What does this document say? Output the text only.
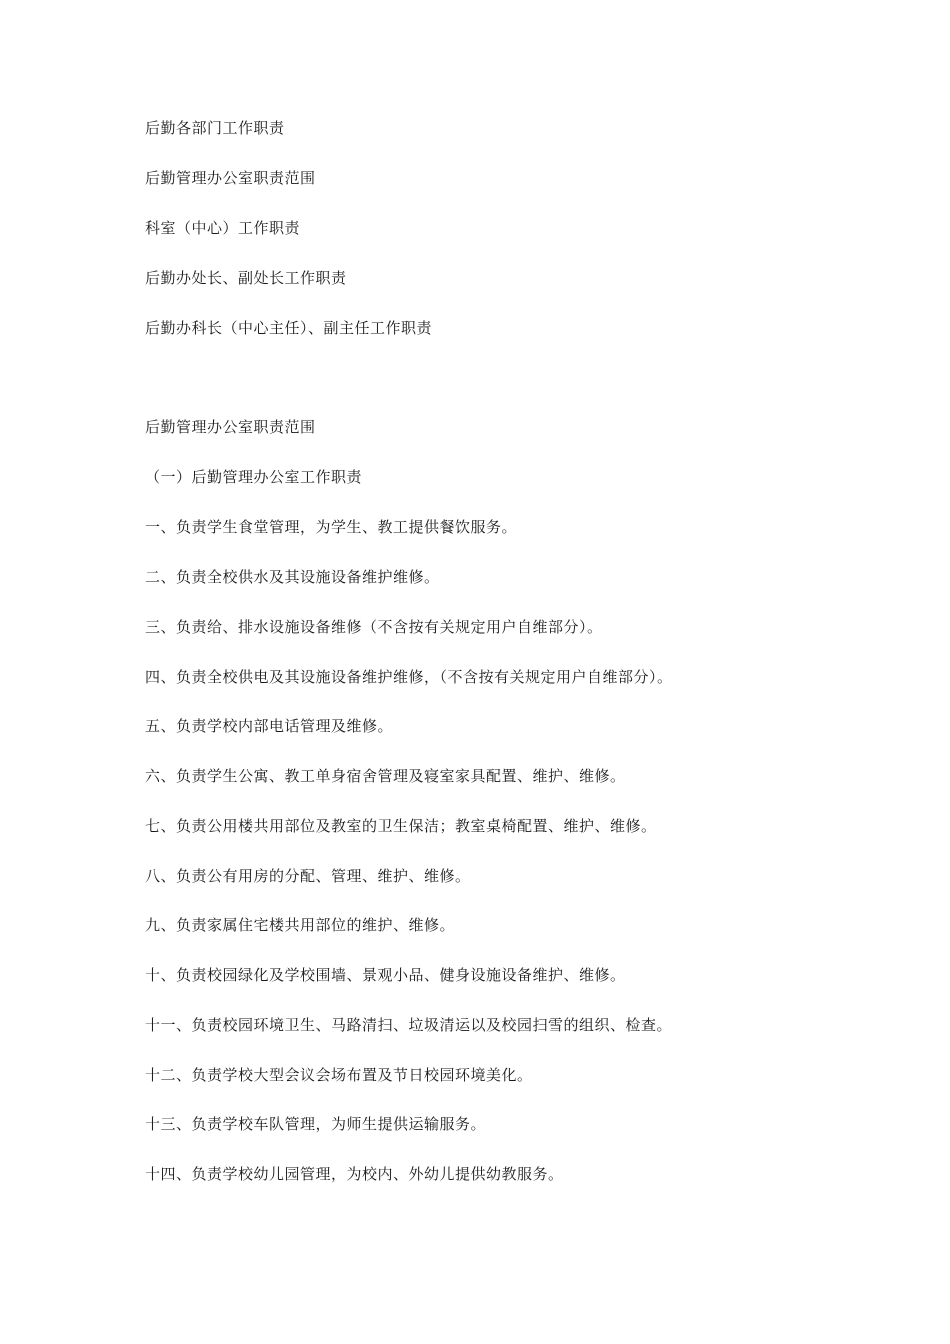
后勤各部门工作职责
后勤管理办公室职责范围
科室（中心）工作职责
后勤办处长、副处长工作职责
后勤办科长（中心主任）、副主任工作职责
后勤管理办公室职责范围
（一）后勤管理办公室工作职责
一、负责学生食堂管理，为学生、教工提供餐饮服务。
二、负责全校供水及其设施设备维护维修。
三、负责给、排水设施设备维修（不含按有关规定用户自维部分）。
四、负责全校供电及其设施设备维护维修，（不含按有关规定用户自维部分）。
五、负责学校内部电话管理及维修。
六、负责学生公寓、教工单身宿舍管理及寝室家具配置、维护、维修。
七、负责公用楼共用部位及教室的卫生保洁；教室桌椅配置、维护、维修。
八、负责公有用房的分配、管理、维护、维修。
九、负责家属住宅楼共用部位的维护、维修。
十、负责校园绿化及学校围墙、景观小品、健身设施设备维护、维修。
十一、负责校园环境卫生、马路清扫、垃圾清运以及校园扫雪的组织、检查。
十二、负责学校大型会议会场布置及节日校园环境美化。
十三、负责学校车队管理，为师生提供运输服务。
十四、负责学校幼儿园管理，为校内、外幼儿提供幼教服务。
